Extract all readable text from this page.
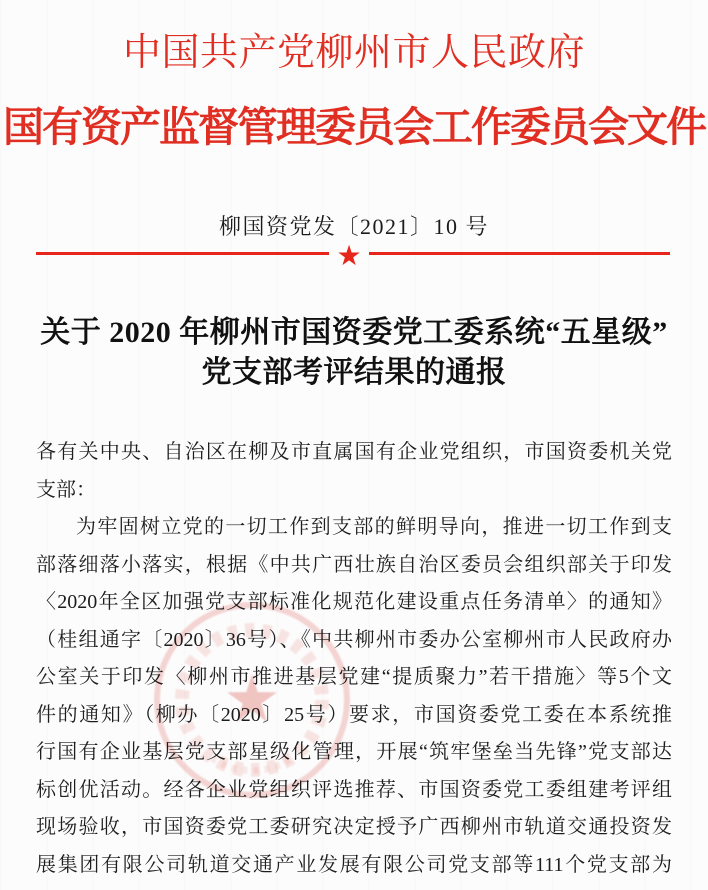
中国共产党柳州市人民政府
国有资产监督管理委员会工作委员会文件
柳国资党发〔2021〕10 号
★
关于 2020 年柳州市国资委党工委系统“五星级”
党支部考评结果的通报
各有关中央、自治区在柳及市直属国有企业党组织，市国资委机关党
支部：
为牢固树立党的一切工作到支部的鲜明导向，推进一切工作到支
部落细落小落实，根据《中共广西壮族自治区委员会组织部关于印发
〈2020年全区加强党支部标准化规范化建设重点任务清单〉的通知》
（桂组通字〔2020〕36号）、《中共柳州市委办公室柳州市人民政府办
公室关于印发〈柳州市推进基层党建“提质聚力”若干措施〉等5个文
件的通知》（柳办〔2020〕25号）要求，市国资委党工委在本系统推
行国有企业基层党支部星级化管理，开展“筑牢堡垒当先锋”党支部达
标创优活动。经各企业党组织评选推荐、市国资委党工委组建考评组
现场验收，市国资委党工委研究决定授予广西柳州市轨道交通投资发
展集团有限公司轨道交通产业发展有限公司党支部等111个党支部为
